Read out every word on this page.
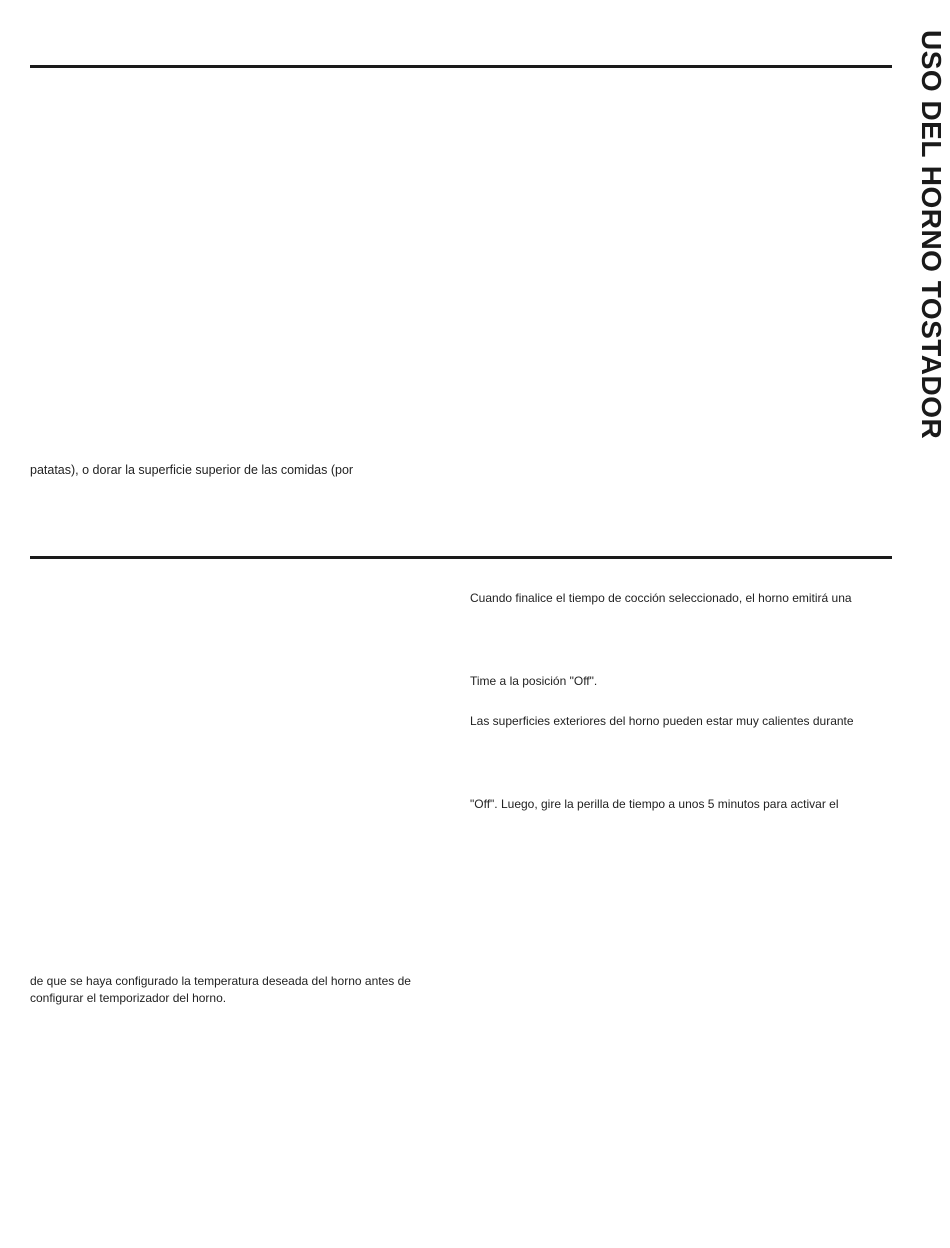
USO DEL HORNO TOSTADOR
patatas), o dorar la superficie superior de las comidas (por
Cuando finalice el tiempo de cocción seleccionado, el horno emitirá una
Time a la posición "Off".
Las superficies exteriores del horno pueden estar muy calientes durante
"Off". Luego, gire la perilla de tiempo a unos 5 minutos para activar el
de que se haya configurado la temperatura deseada del horno antes de
configurar el temporizador del horno.
